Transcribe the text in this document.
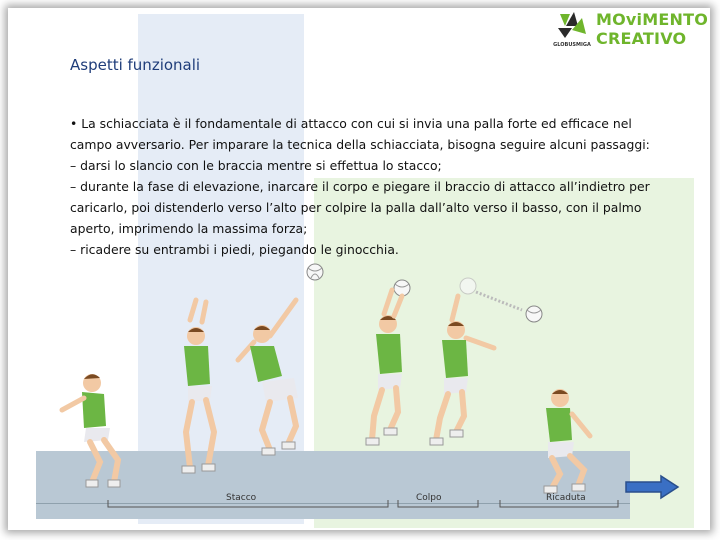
GLOBUSMIGA
MOviMENTO
CREATIVO
Aspetti funzionali

• La schiacciata è il fondamentale di attacco con cui si invia una palla forte ed efficace nel

campo avversario. Per imparare la tecnica della schiacciata, bisogna seguire alcuni passaggi:

– darsi lo slancio con le braccia mentre si effettua lo stacco;

– durante la fase di elevazione, inarcare il corpo e piegare il braccio di attacco all’indietro per

caricarlo, poi distenderlo verso l’alto per colpire la palla dall’alto verso il basso, con il palmo

aperto, imprimendo la massima forza;

– ricadere su entrambi i piedi, piegando le ginocchia.

Stacco	Colpo	Ricaduta
